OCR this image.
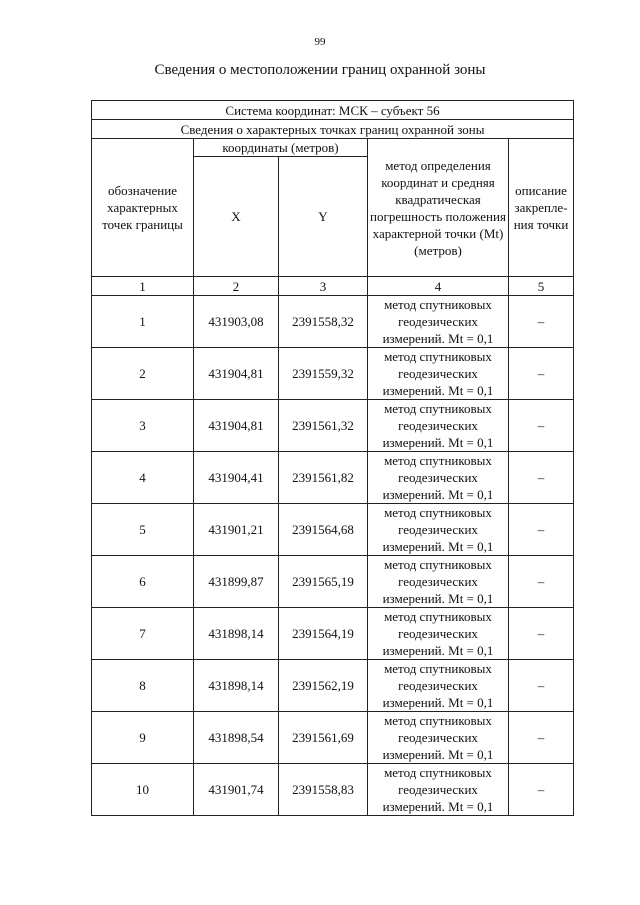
99
Сведения о местоположении границ охранной зоны
Система координат: МСК – субъект 56				
Сведения о характерных точках границ охранной зоны				
обозначение характерных точек границы	координаты (метров)		метод определения координат и средняя квадратическая погрешность положения характерной точки (Mt) (метров)	описание закрепле-ния точки
	X	Y		
1	2	3	4	5
1	431903,08	2391558,32	метод спутниковых геодезических измерений. Mt = 0,1	–
2	431904,81	2391559,32	метод спутниковых геодезических измерений. Mt = 0,1	–
3	431904,81	2391561,32	метод спутниковых геодезических измерений. Mt = 0,1	–
4	431904,41	2391561,82	метод спутниковых геодезических измерений. Mt = 0,1	–
5	431901,21	2391564,68	метод спутниковых геодезических измерений. Mt = 0,1	–
6	431899,87	2391565,19	метод спутниковых геодезических измерений. Mt = 0,1	–
7	431898,14	2391564,19	метод спутниковых геодезических измерений. Mt = 0,1	–
8	431898,14	2391562,19	метод спутниковых геодезических измерений. Mt = 0,1	–
9	431898,54	2391561,69	метод спутниковых геодезических измерений. Mt = 0,1	–
10	431901,74	2391558,83	метод спутниковых геодезических измерений. Mt = 0,1	–
